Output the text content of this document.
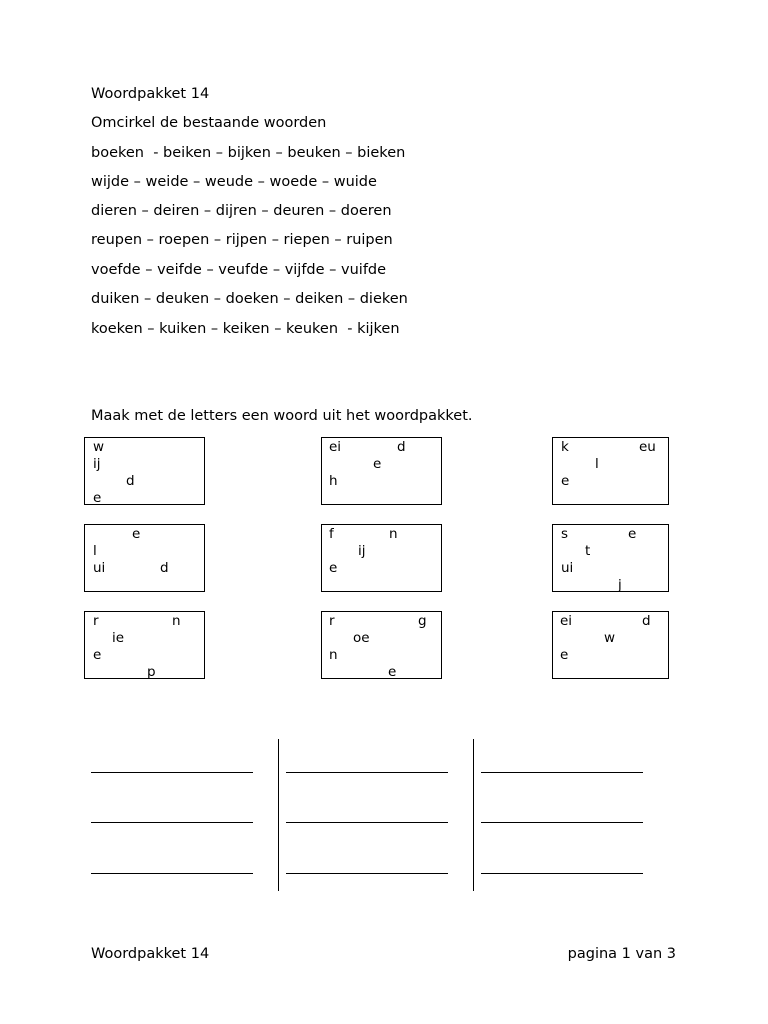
Woordpakket 14
Omcirkel de bestaande woorden
boeken  - beiken – bijken – beuken – bieken
wijde – weide – weude – woede – wuide
dieren – deiren – dijren – deuren – doeren
reupen – roepen – rijpen – riepen – ruipen
voefde – veifde – veufde – vijfde – vuifde
duiken – deuken – doeken – deiken – dieken
koeken – kuiken – keiken – keuken  - kijken
Maak met de letters een woord uit het woordpakket.
w
ij
d
e
ei	d
e
h
k	eu
l
e
e
l
ui	d
f	n
ij
e
s	e
t
ui
j
r	n
ie
e
p
r	g
oe
n
e
ei	d
w
e
Woordpakket 14	pagina 1 van 3
